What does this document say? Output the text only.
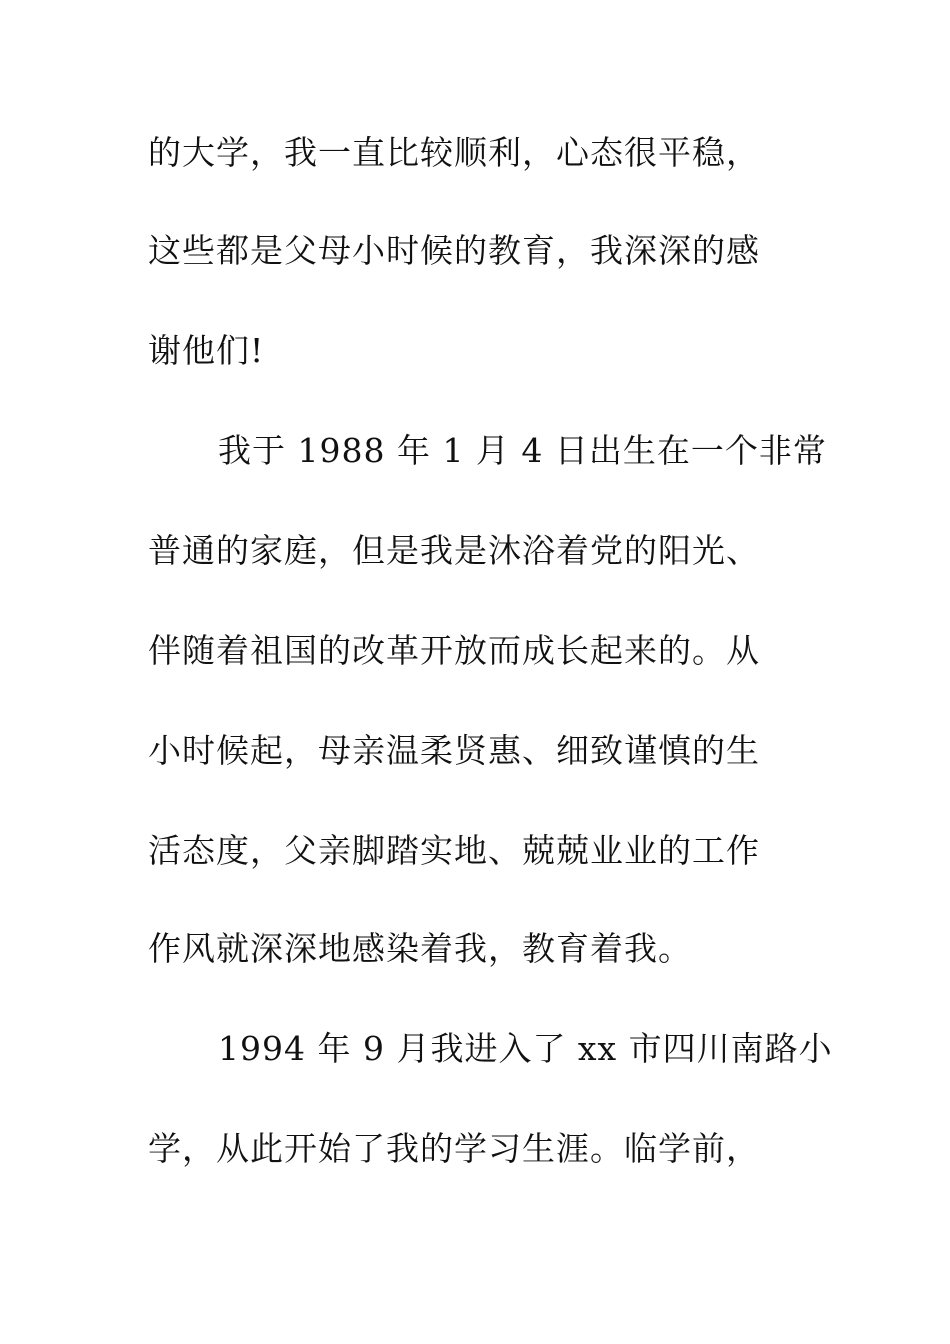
的大学，我一直比较顺利，心态很平稳，
这些都是父母小时候的教育，我深深的感
谢他们!
我于 1988 年 1 月 4 日出生在一个非常
普通的家庭，但是我是沐浴着党的阳光、
伴随着祖国的改革开放而成长起来的。从
小时候起，母亲温柔贤惠、细致谨慎的生
活态度，父亲脚踏实地、兢兢业业的工作
作风就深深地感染着我，教育着我。
1994 年 9 月我进入了 xx 市四川南路小
学，从此开始了我的学习生涯。临学前，
